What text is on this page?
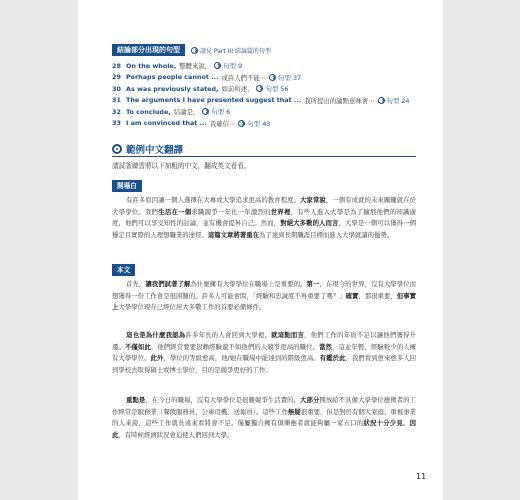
結論部分出現的句型	請見 Part III 結論篇的句型
28 On the whole, 整體來說， 句型 9
29 Perhaps people cannot ... 或許人們不能⋯ 句型 37
30 As was previously stated, 如前所述， 句型 56
31 The arguments I have presented suggest that ... 我所提出的論點意味著⋯ 句型 24
32 To conclude, 結論是， 句型 6
33 I am convinced that ... 我確信⋯ 句型 43
範例中文翻譯
請試著練習將以下加粗的中文，翻成英文看看。
開場白
有許多原因讓一個人選擇在大專或大學追求更高的教育程度。大家常說，一個有成就的未來關鍵就在於大學學位。我們生活在一個求職競爭一年比一年激烈的世界裡，有些人進入大學是為了擴展他們的知識廣度，他們可以享受知性的討論，並有機會提昇自己。然而，對絕大多數的人而言，大學是一個可以獲得一個穩定且實際的人理想職業的途徑。這篇文章將著重在為了達到長期職涯目標而進入大學就讀的優勢。
本文
首先，讓我們試著了解為什麼擁有大學學位在職場上是重要的。第一，在現今的世界，沒有大學學位而想獲得一份工作會是很困難的。許多人可能會問，「經驗和忠誠度不再重要了嗎？」確實，那很重要，但事實上大學學位現在已經位居大多數工作的首要必備條件。
這也是為什麼我認為許多年長的人會回到大學裡，就這點而言，他們工作的年資不足以讓他們獲得升遷。不僅如此，他們經常要要很賴經驗還不如他們的人競爭更高的職位。當然，這並年輕、經驗較少的人擁有大學學位。此外，學位的等級愈高，他/她在職場中能達到的階級愈高。有鑑於此，我們看到愈來愈多人回到學校去取得碩士或博士學位，目的是競爭更好的工作。
重點是，在今日的職場，沒有大學學位是很難競爭生活費的，大部分開放給不具備大學學位應徵者的工作經常是服務業（餐飲服務員、公車司機、送報員）。這些工作無疑很重要，但是對於有個大家庭、重視事業的人來說，這些工作就長遠來看將會不足。僅屬獨自擁有俱樂應者就能夠屬一家五口的狀況十分少見。因此，有時候經濟狀況會迫使人們回到大學。
11
